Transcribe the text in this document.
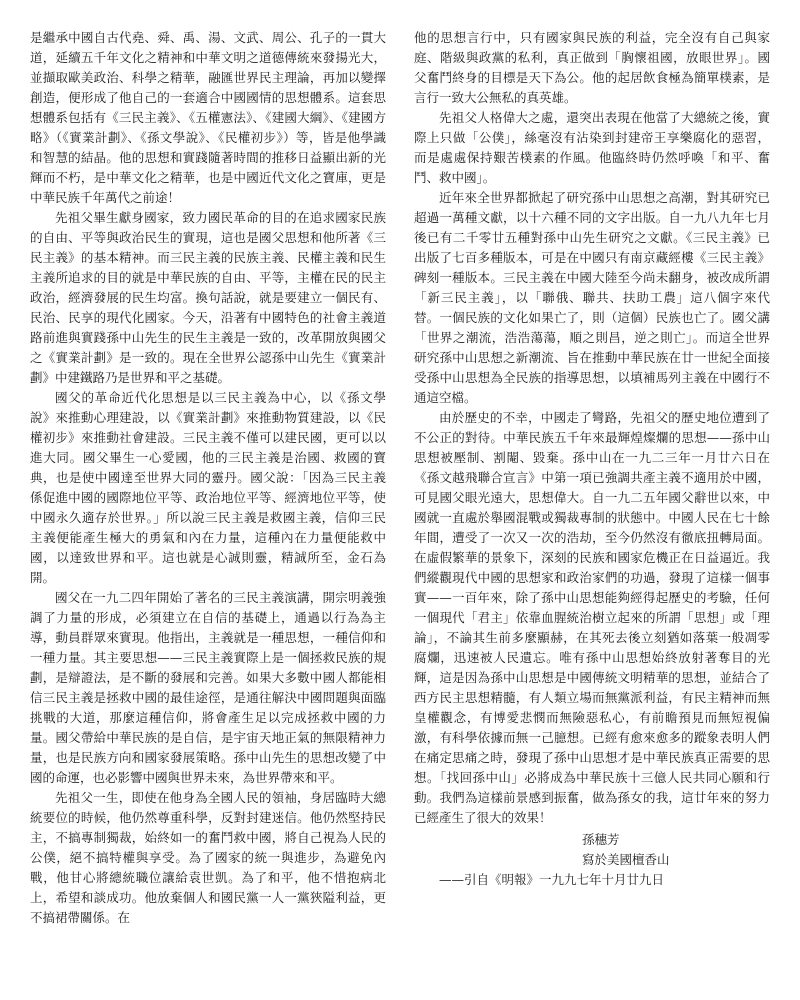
是繼承中國自古代堯、舜、禹、湯、文武、周公、孔子的一貫大道，延續五千年文化之精神和中華文明之道德傳統來發揚光大，並擷取歐美政治、科學之精華，融匯世界民主理論，再加以變擇創造，便形成了他自己的一套適合中國國情的思想體系。這套思想體系包括有《三民主義》、《五權憲法》、《建國大綱》、《建國方略》（《實業計劃》、《孫文學說》、《民權初步》）等，皆是他學識和智慧的結晶。他的思想和實踐隨著時間的推移日益顯出新的光輝而不朽，是中華文化之精華，也是中國近代文化之寶庫，更是中華民族千年萬代之前途！

先祖父畢生獻身國家，致力國民革命的目的在追求國家民族的自由、平等與政治民生的實現，這也是國父思想和他所著《三民主義》的基本精神。而三民主義的民族主義、民權主義和民生主義所追求的目的就是中華民族的自由、平等，主權在民的民主政治，經濟發展的民生均富。換句話說，就是要建立一個民有、民治、民享的現代化國家。今天，沿著有中國特色的社會主義道路前進與實踐孫中山先生的民生主義是一致的，改革開放與國父之《實業計劃》是一致的。現在全世界公認孫中山先生《實業計劃》中建鐵路乃是世界和平之基礎。

國父的革命近代化思想是以三民主義為中心，以《孫文學說》來推動心理建設，以《實業計劃》來推動物質建設，以《民權初步》來推動社會建設。三民主義不僅可以建民國，更可以以進大同。國父畢生一心愛國，他的三民主義是治國、救國的寶典，也是使中國達至世界大同的靈丹。國父說：「因為三民主義係促進中國的國際地位平等、政治地位平等、經濟地位平等，使中國永久適存於世界。」所以說三民主義是救國主義，信仰三民主義便能產生極大的勇氣和內在力量，這種內在力量便能救中國，以達致世界和平。這也就是心誠則靈，精誠所至，金石為開。

國父在一九二四年開始了著名的三民主義演講，開宗明義強調了力量的形成，必須建立在自信的基礎上，通過以行為為主導，動員群眾來實現。他指出，主義就是一種思想，一種信仰和一種力量。其主要思想——三民主義實際上是一個拯救民族的規劃，是辯證法，是不斷的發展和完善。如果大多數中國人都能相信三民主義是拯救中國的最佳途徑，是通往解決中國問題與面臨挑戰的大道，那麼這種信仰，將會產生足以完成拯救中國的力量。國父帶給中華民族的是自信，是宇宙天地正氣的無限精神力量，也是民族方向和國家發展策略。孫中山先生的思想改變了中國的命運，也必影響中國與世界未來，為世界帶來和平。

先祖父一生，即使在他身為全國人民的領袖，身居臨時大總統要位的時候，他仍然尊重科學，反對封建迷信。他仍然堅持民主，不搞專制獨裁，始終如一的奮鬥救中國，將自己視為人民的公僕，絕不搞特權與享受。為了國家的統一與進步，為避免內戰，他甘心將總統職位讓給袁世凱。為了和平，他不惜抱病北上，希望和談成功。他放棄個人和國民黨一人一黨狹隘利益，更不搞裙帶關係。在

他的思想言行中，只有國家與民族的利益，完全沒有自己與家庭、階級與政黨的私利，真正做到「胸懷祖國，放眼世界」。國父奮鬥終身的目標是天下為公。他的起居飲食極為簡單樸素，是言行一致大公無私的真英雄。

先祖父人格偉大之處，還突出表現在他當了大總統之後，實際上只做「公僕」，絲毫沒有沾染到封建帝王享樂腐化的惡習，而是處處保持艱苦樸素的作風。他臨終時仍然呼喚「和平、奮鬥、救中國」。

近年來全世界都掀起了研究孫中山思想之高潮，對其研究已超過一萬種文獻，以十六種不同的文字出版。自一九八九年七月後已有二千零廿五種對孫中山先生研究之文獻。《三民主義》已出版了七百多種版本，可是在中國只有南京藏經樓《三民主義》碑刻一種版本。三民主義在中國大陸至今尚未翻身，被改成所謂「新三民主義」，以「聯俄、聯共、扶助工農」這八個字來代替。一個民族的文化如果亡了，則（這個）民族也亡了。國父講「世界之潮流，浩浩蕩蕩，順之則昌，逆之則亡」。而這全世界研究孫中山思想之新潮流、旨在推動中華民族在廿一世紀全面接受孫中山思想為全民族的指導思想，以填補馬列主義在中國行不通這空檔。

由於歷史的不幸，中國走了彎路，先祖父的歷史地位遭到了不公正的對待。中華民族五千年來最輝煌燦爛的思想——孫中山思想被壓制、割閹、毀棄。孫中山在一九二三年一月廿六日在《孫文越飛聯合宣言》中第一項已強調共產主義不適用於中國，可見國父眼光遠大，思想偉大。自一九二五年國父辭世以來，中國就一直處於舉國混戰或獨裁專制的狀態中。中國人民在七十餘年間，遭受了一次又一次的浩劫，至今仍然沒有徹底扭轉局面。在虛假繁華的景象下，深刻的民族和國家危機正在日益逼近。我們縱觀現代中國的思想家和政治家們的功過，發現了這樣一個事實——一百年來，除了孫中山思想能夠經得起歷史的考驗，任何一個現代「君主」依靠血腥統治樹立起來的所謂「思想」或「理論」，不論其生前多麼顯赫，在其死去後立刻猶如落葉一般凋零腐爛，迅速被人民遺忘。唯有孫中山思想始終放射著奪目的光輝，這是因為孫中山思想是中國傳統文明精華的思想，並結合了西方民主思想精髓，有人類立場而無黨派利益，有民主精神而無皇權觀念，有博愛悲憫而無險惡私心，有前瞻預見而無短視偏激，有科學依據而無一己臆想。已經有愈來愈多的蹤象表明人們在痛定思痛之時，發現了孫中山思想才是中華民族真正需要的思想。「找回孫中山」必將成為中華民族十三億人民共同心願和行動。我們為這樣前景感到振奮，做為孫女的我，這廿年來的努力已經產生了很大的效果！

孫穗芳
寫於美國檀香山

——引自《明報》一九九七年十月廿九日
